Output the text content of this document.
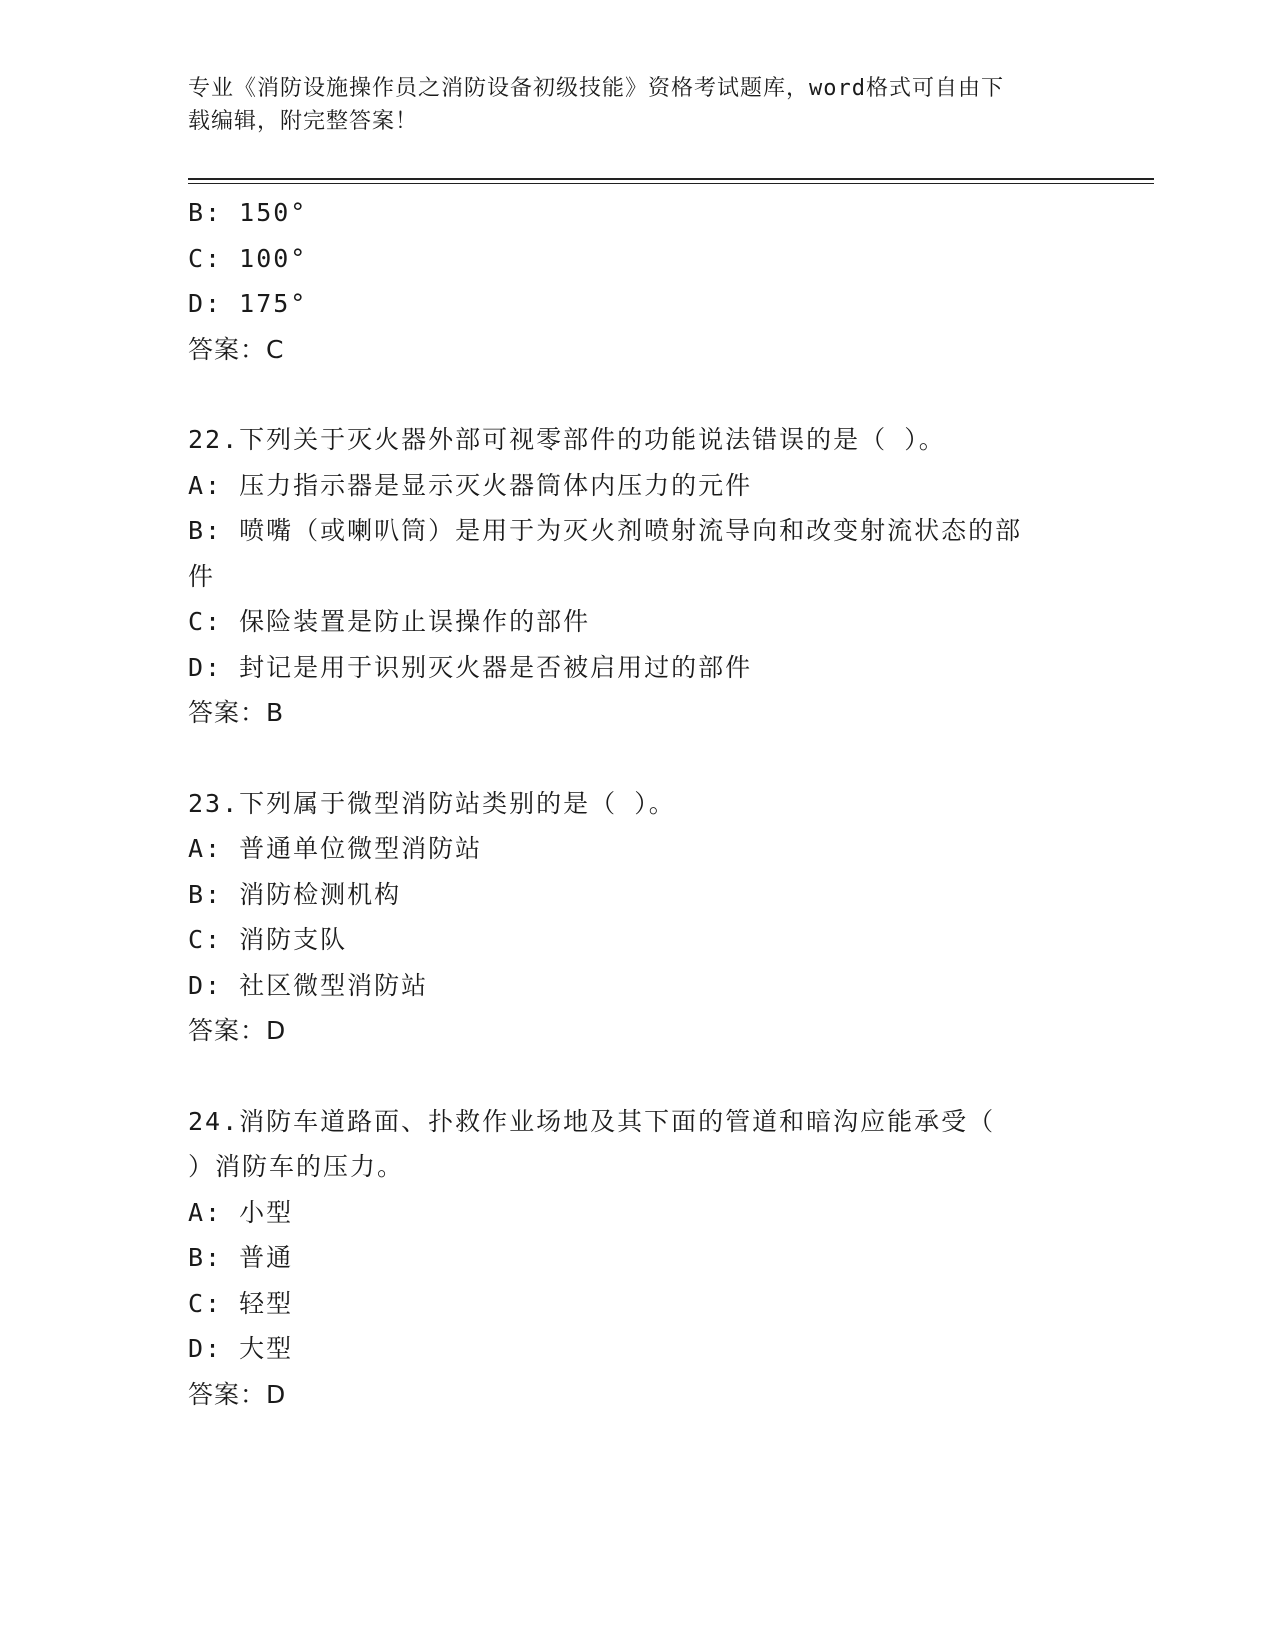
专业《消防设施操作员之消防设备初级技能》资格考试题库，word格式可自由下
载编辑，附完整答案！
B: 150°
C: 100°
D: 175°
答案：C
22.下列关于灭火器外部可视零部件的功能说法错误的是（ ）。
A: 压力指示器是显示灭火器筒体内压力的元件
B: 喷嘴（或喇叭筒）是用于为灭火剂喷射流导向和改变射流状态的部
件
C: 保险装置是防止误操作的部件
D: 封记是用于识别灭火器是否被启用过的部件
答案：B
23.下列属于微型消防站类别的是（ ）。
A: 普通单位微型消防站
B: 消防检测机构
C: 消防支队
D: 社区微型消防站
答案：D
24.消防车道路面、扑救作业场地及其下面的管道和暗沟应能承受（
）消防车的压力。
A: 小型
B: 普通
C: 轻型
D: 大型
答案：D
